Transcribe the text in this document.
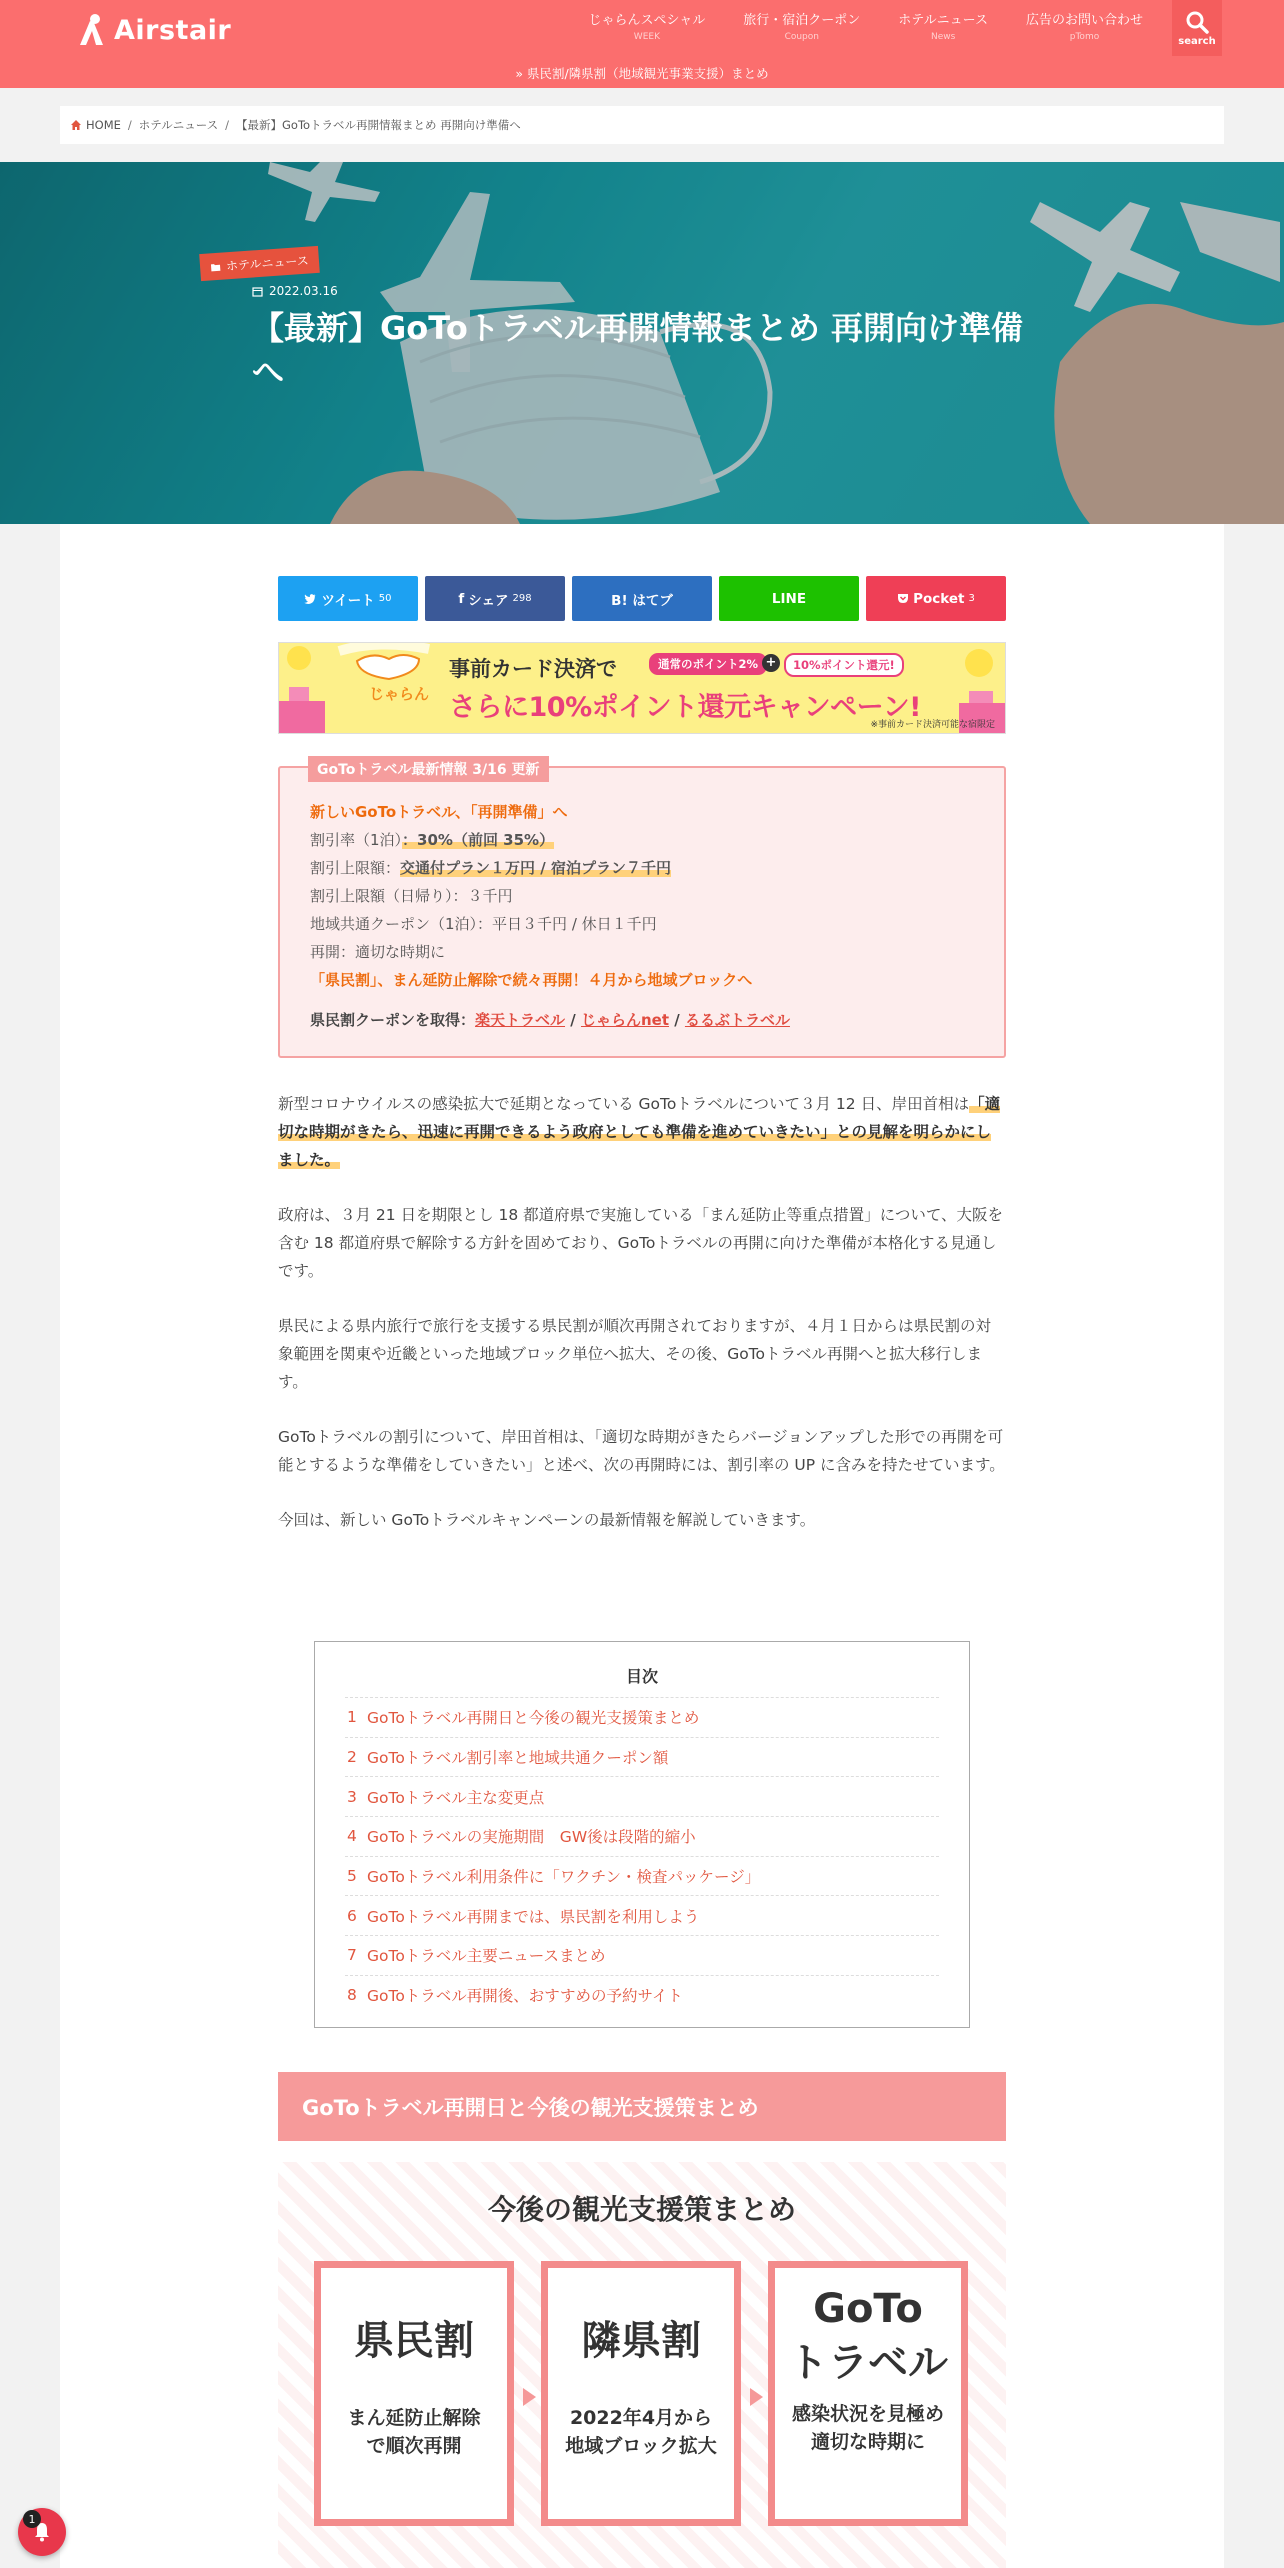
Airstair	じゃらんスペシャル
WEEK
旅行・宿泊クーポン
Coupon
ホテルニュース
News
広告のお問い合わせ
pTomo	search
» 県民割/隣県割（地域観光事業支援）まとめ
HOME / ホテルニュース / 【最新】GoToトラベル再開情報まとめ 再開向け準備へ
ホテルニュース
2022.03.16
【最新】GoToトラベル再開情報まとめ 再開向け準備へ
ツイート 50	f シェア 298	B! はてブ	LINE	Pocket 3
じゃらん
事前カード決済で	通常のポイント2% +	10%ポイント還元!
さらに10%ポイント還元キャンペーン!
※事前カード決済可能な宿限定
GoToトラベル最新情報 3/16 更新
新しいGoToトラベル、「再開準備」へ
割引率（1泊）：30%（前回 35%）
割引上限額：交通付プラン１万円 / 宿泊プラン７千円
割引上限額（日帰り）：３千円
地域共通クーポン（1泊）：平日３千円 / 休日１千円
再開：適切な時期に
「県民割」、まん延防止解除で続々再開！４月から地域ブロックへ
県民割クーポンを取得：楽天トラベル / じゃらんnet / るるぶトラベル

新型コロナウイルスの感染拡大で延期となっている GoToトラベルについて３月 12 日、岸田首相は「適切な時期がきたら、迅速に再開できるよう政府としても準備を進めていきたい」との見解を明らかにしました。

政府は、３月 21 日を期限とし 18 都道府県で実施している「まん延防止等重点措置」について、大阪を含む 18 都道府県で解除する方針を固めており、GoToトラベルの再開に向けた準備が本格化する見通しです。

県民による県内旅行で旅行を支援する県民割が順次再開されておりますが、４月１日からは県民割の対象範囲を関東や近畿といった地域ブロック単位へ拡大、その後、GoToトラベル再開へと拡大移行します。

GoToトラベルの割引について、岸田首相は、「適切な時期がきたらバージョンアップした形での再開を可能とするような準備をしていきたい」と述べ、次の再開時には、割引率の UP に含みを持たせています。

今回は、新しい GoToトラベルキャンペーンの最新情報を解説していきます。

目次
1 GoToトラベル再開日と今後の観光支援策まとめ
2 GoToトラベル割引率と地域共通クーポン額
3 GoToトラベル主な変更点
4 GoToトラベルの実施期間　GW後は段階的縮小
5 GoToトラベル利用条件に「ワクチン・検査パッケージ」
6 GoToトラベル再開までは、県民割を利用しよう
7 GoToトラベル主要ニュースまとめ
8 GoToトラベル再開後、おすすめの予約サイト
GoToトラベル再開日と今後の観光支援策まとめ
今後の観光支援策まとめ
県民割
まん延防止解除
で順次再開
隣県割
2022年4月から
地域ブロック拡大
GoTo
トラベル
感染状況を見極め
適切な時期に
1
